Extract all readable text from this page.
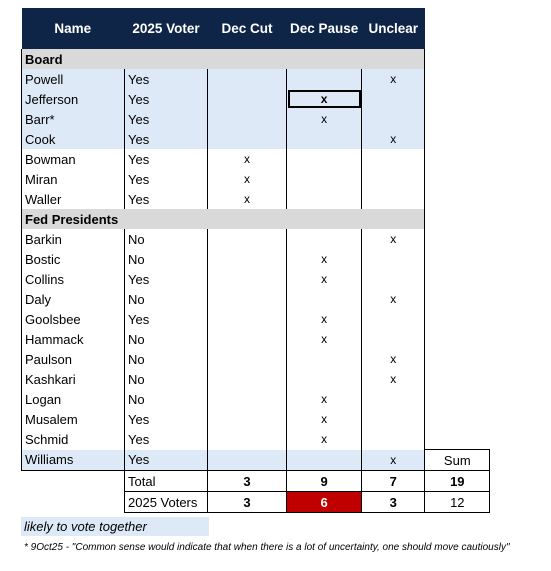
Name	2025 Voter	Dec Cut	Dec Pause	Unclear	
Board					
Powell	Yes			x	
Jefferson	Yes		x		
Barr*	Yes		x		
Cook	Yes			x	
Bowman	Yes	x			
Miran	Yes	x			
Waller	Yes	x			
Fed Presidents					
Barkin	No			x	
Bostic	No		x		
Collins	Yes		x		
Daly	No			x	
Goolsbee	Yes		x		
Hammack	No		x		
Paulson	No			x	
Kashkari	No			x	
Logan	No		x		
Musalem	Yes		x		
Schmid	Yes		x		
Williams	Yes			x	Sum
	Total	3	9	7	19
	2025 Voters	3	6	3	12
likely to vote together
* 9Oct25 - "Common sense would indicate that when there is a lot of uncertainty, one should move cautiously"
